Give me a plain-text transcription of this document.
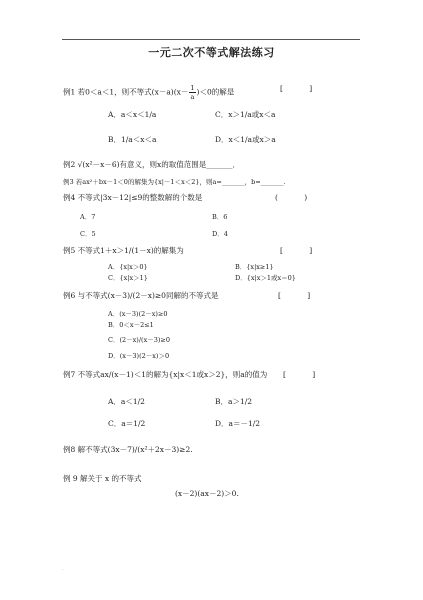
一元二次不等式解法练习
例1 若0＜a＜1，则不等式$(x-a)(x- \frac{1}{a} )<0$的解是	[ ]
A．a＜x＜1/a	C．x＞1/a或x＜a
B．1/a＜x＜a	D．x＜1/a或x＞a
例2 √(x²－x－6)有意义，则x的取值范围是_______．
例3 若ax²＋bx－1＜0的解集为{x|－1＜x＜2}，则a=_______，b=_______.
例4 不等式|3x－12|≤9的整数解的个数是	( )
A．7	B．6
C．5	D．4
例5 不等式1＋x＞1/(1－x)的解集为	[ ]
A．{x|x＞0}	B．{x|x≥1}
C．{x|x＞1}	D．{x|x＞1或x＝0}
例6 与不等式(x－3)/(2－x)≥0同解的不等式是	[ ]
A．(x－3)(2－x)≥0
B．0＜x－2≤1
C．(2－x)/(x－3)≥0
D．(x－3)(2－x)＞0
例7 不等式ax/(x－1)＜1的解为{x|x＜1或x＞2}，则a的值为 [ ]
A．a＜1/2	B．a＞1/2
C．a＝1/2	D．a＝－1/2
例8 解不等式(3x－7)/(x²＋2x－3)≥2.
例 9 解关于 x 的不等式
(x－2)(ax－2)＞0.
.
